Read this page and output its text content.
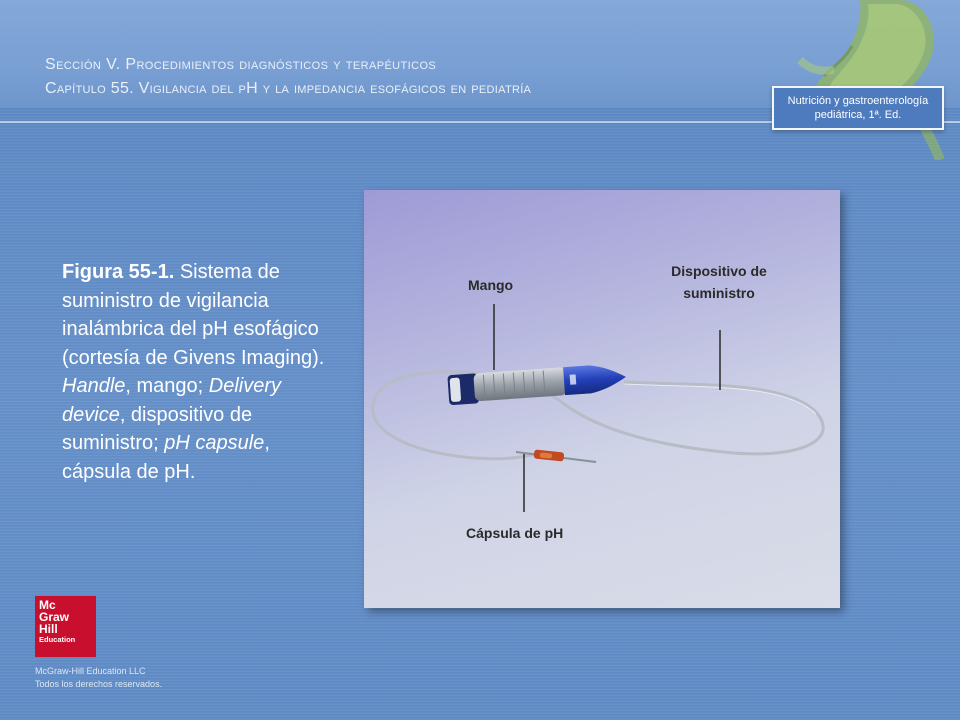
Sección V. Procedimientos diagnósticos y terapéuticos
Capítulo 55. Vigilancia del pH y la impedancia esofágicos en pediatría
Nutrición y gastroenterología
pediátrica, 1ª. Ed.

Figura 55-1. Sistema de suministro de vigilancia inalámbrica del pH esofágico (cortesía de Givens Imaging). Handle, mango; Delivery device, dispositivo de suministro; pH capsule, cápsula de pH.

Mango
Dispositivo de
suministro
Cápsula de pH
Mc
Graw
Hill
Education

McGraw-Hill Education LLC
Todos los derechos reservados.
